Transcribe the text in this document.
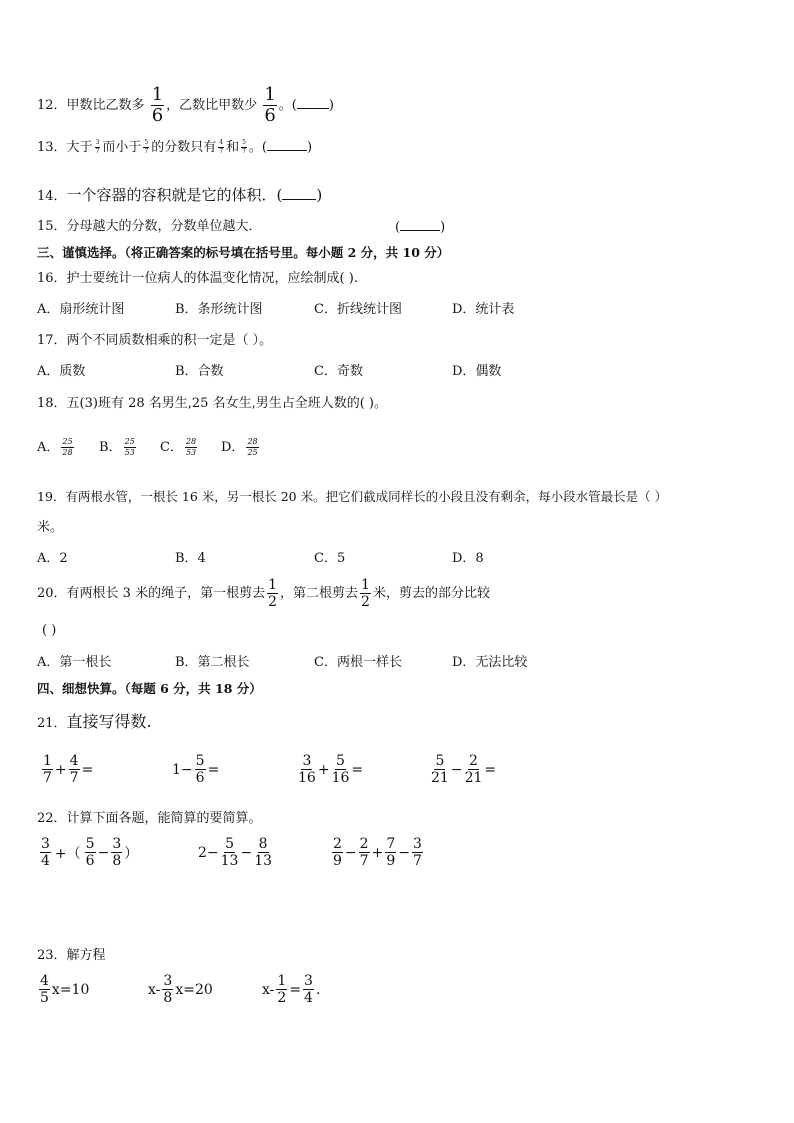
12．甲数比乙数多 $\frac{1}{6}$ ，乙数比甲数少 $\frac{1}{6}$ 。( )
13．大于 $\frac{3}{7}$ 而小于 $\frac{5}{7}$ 的分数只有 $\frac{4}{7}$ 和 $\frac{5}{7}$ 。(	)
14．一个容器的容积就是它的体积．( )
15．分母越大的分数，分数单位越大．	(	)
三、谨慎选择。（将正确答案的标号填在括号里。每小题 2 分，共 10 分）
16．护士要统计一位病人的体温变化情况，应绘制成( ).
A．扇形统计图	B．条形统计图	C．折线统计图	D．统计表
17．两个不同质数相乘的积一定是（ ）。
A．质数	B．合数	C．奇数	D．偶数
18．五(3)班有 28 名男生,25 名女生,男生占全班人数的( )。
A． $\frac{25}{28}$ B． $\frac{25}{53}$ C． $\frac{28}{53}$ D． $\frac{28}{25}$
19．有两根水管，一根长 16 米，另一根长 20 米。把它们截成同样长的小段且没有剩余，每小段水管最长是（ ）
米。
A．2	B．4	C．5	D．8
20． 有两根长 3 米的绳子，第一根剪去 $\frac{1}{2}$ ，第二根剪去 $\frac{1}{2}$ 米，剪去的部分比较
( )
A．第一根长	B．第二根长	C．两根一样长	D．无法比较
四、细想快算。（每题 6 分，共 18 分）
21．直接写得数.
$\frac{1}{7} + \frac{4}{7}$ =	$1- \frac{5}{6}$ =	$\frac{3}{16} + \frac{5}{16}$ =	$\frac{5}{21} - \frac{2}{21}$ =
22．计算下面各题，能简算的要简算。
$\frac{3}{4}$ +（ $\frac{5}{6} - \frac{3}{8}$ ）	$2- \frac{5}{13} - \frac{8}{13}$	$\frac{2}{9} - \frac{2}{7} + \frac{7}{9} - \frac{3}{7}$
23．解方程
$\frac{4}{5} x=10$	$x- \frac{3}{8} x=20$	$x- \frac{1}{2} = \frac{3}{4}$ .
